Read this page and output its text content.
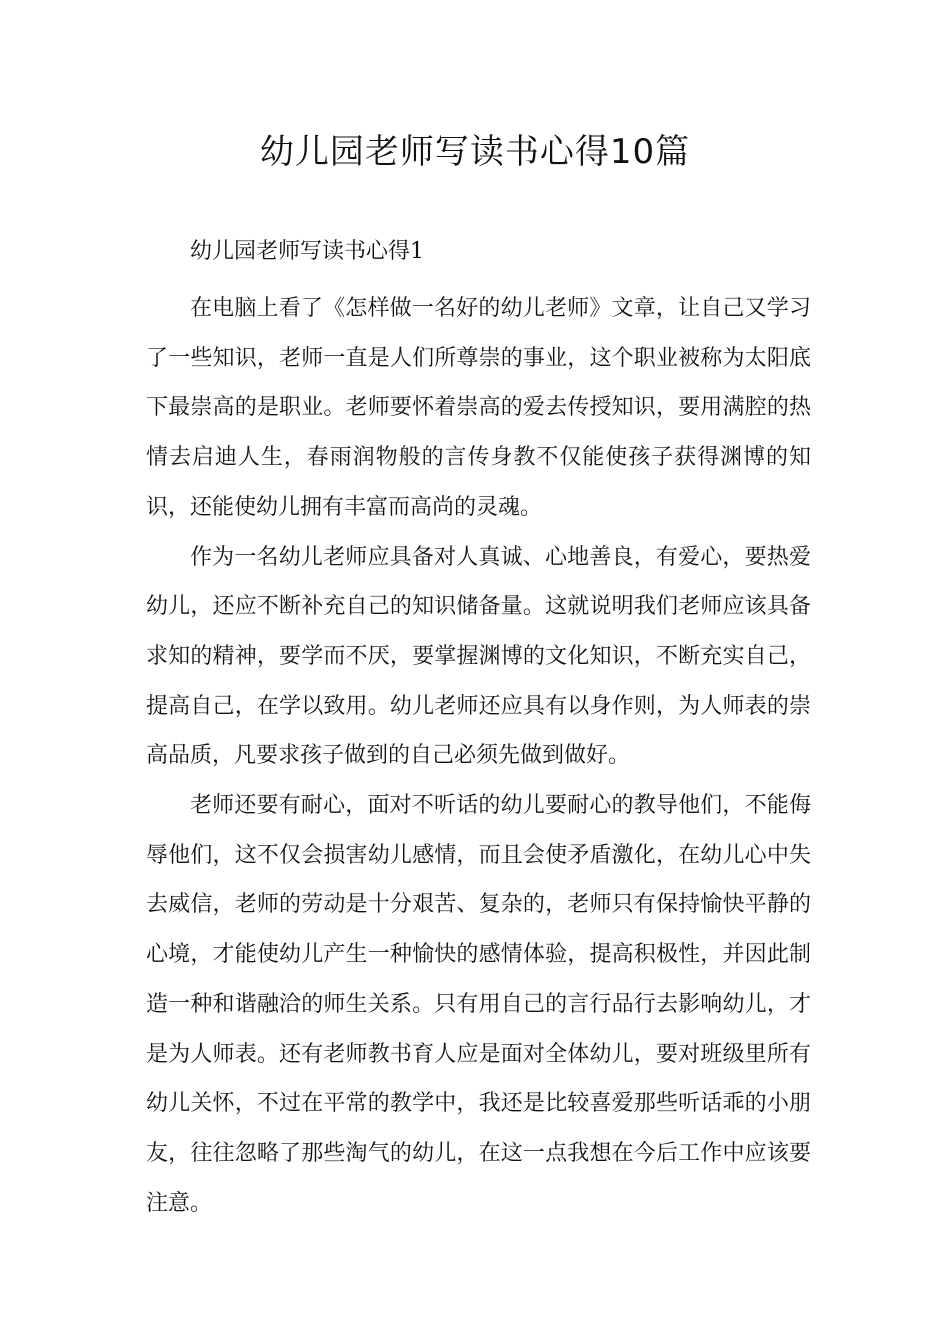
幼儿园老师写读书心得10篇

幼儿园老师写读书心得1

在电脑上看了《怎样做一名好的幼儿老师》文章，让自己又学习了一些知识，老师一直是人们所尊崇的事业，这个职业被称为太阳底下最崇高的是职业。老师要怀着崇高的爱去传授知识，要用满腔的热情去启迪人生，春雨润物般的言传身教不仅能使孩子获得渊博的知识，还能使幼儿拥有丰富而高尚的灵魂。

作为一名幼儿老师应具备对人真诚、心地善良，有爱心，要热爱幼儿，还应不断补充自己的知识储备量。这就说明我们老师应该具备求知的精神，要学而不厌，要掌握渊博的文化知识，不断充实自己，提高自己，在学以致用。幼儿老师还应具有以身作则，为人师表的崇高品质，凡要求孩子做到的自己必须先做到做好。

老师还要有耐心，面对不听话的幼儿要耐心的教导他们，不能侮辱他们，这不仅会损害幼儿感情，而且会使矛盾激化，在幼儿心中失去威信，老师的劳动是十分艰苦、复杂的，老师只有保持愉快平静的心境，才能使幼儿产生一种愉快的感情体验，提高积极性，并因此制造一种和谐融洽的师生关系。只有用自己的言行品行去影响幼儿，才是为人师表。还有老师教书育人应是面对全体幼儿，要对班级里所有幼儿关怀，不过在平常的教学中，我还是比较喜爱那些听话乖的小朋友，往往忽略了那些淘气的幼儿，在这一点我想在今后工作中应该要注意。
